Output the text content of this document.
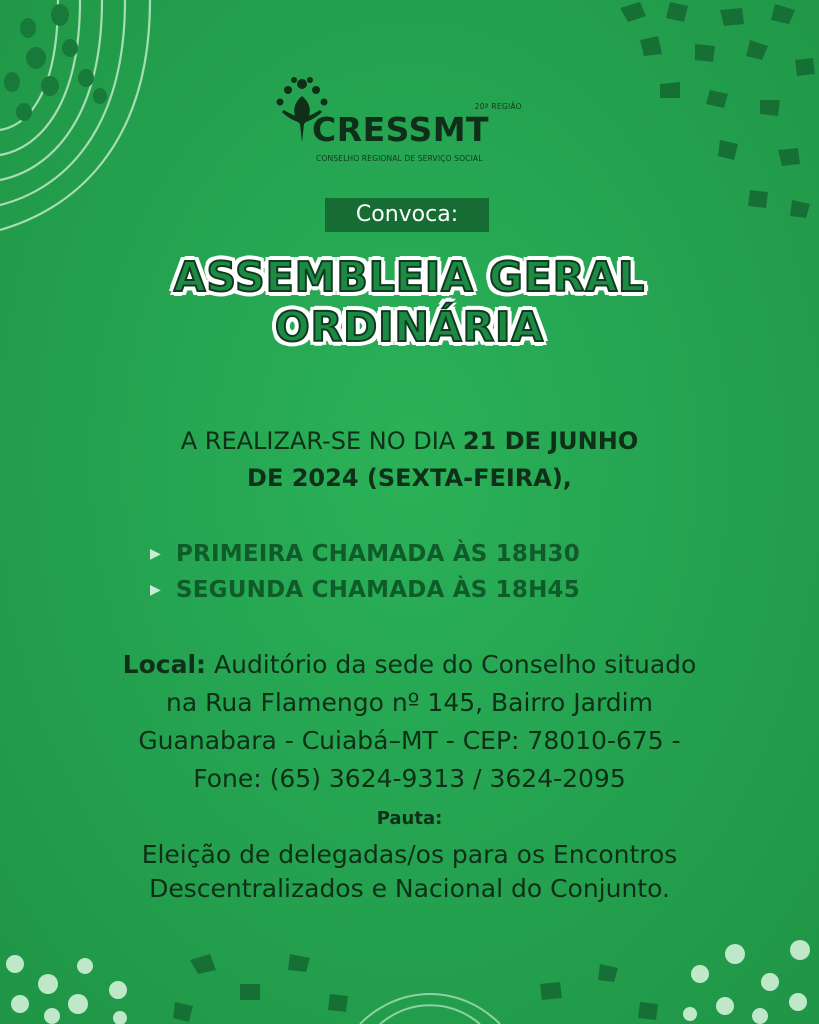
20ª REGIÃO
CRESSMT
CONSELHO REGIONAL DE SERVIÇO SOCIAL
Convoca:
ASSEMBLEIA GERAL
ORDINÁRIA
A REALIZAR-SE NO DIA 21 DE JUNHO
DE 2024 (SEXTA-FEIRA),
▶ PRIMEIRA CHAMADA ÀS 18H30
▶ SEGUNDA CHAMADA ÀS 18H45
Local: Auditório da sede do Conselho situado
na Rua Flamengo nº 145, Bairro Jardim
Guanabara - Cuiabá–MT - CEP: 78010-675 -
Fone: (65) 3624-9313 / 3624-2095
Pauta:
Eleição de delegadas/os para os Encontros
Descentralizados e Nacional do Conjunto.
